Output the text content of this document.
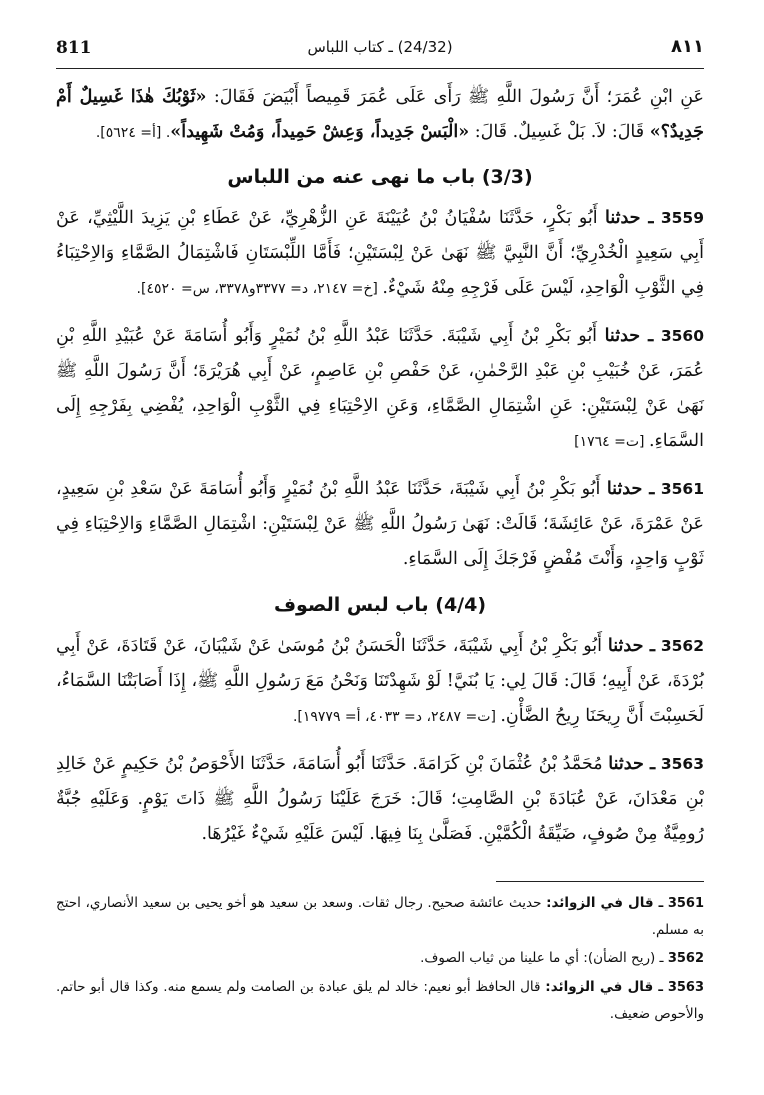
811	(24/32) ـ كتاب اللباس	٨١١

عَنِ ابْنِ عُمَرَ؛ أَنَّ رَسُولَ اللَّهِ ﷺ رَأَى عَلَى عُمَرَ قَمِيصاً أَبْيَضَ فَقَالَ: «ثَوْبُكَ هٰذَا غَسِيلٌ أَمْ جَدِيدٌ؟» قَالَ: لاَ. بَلْ غَسِيلٌ. قَالَ: «الْبَسْ جَدِيداً، وَعِشْ حَمِيداً، وَمُتْ شَهِيداً». [أ= ٥٦٢٤].

(3/3) باب ما نهى عنه من اللباس

3559 ـ حدثنا أَبُو بَكْرٍ، حَدَّثَنَا سُفْيَانُ بْنُ عُيَيْنَةَ عَنِ الزُّهْرِيِّ، عَنْ عَطَاءِ بْنِ يَزِيدَ اللَّيْثِيِّ، عَنْ أَبِي سَعِيدٍ الْخُدْرِيِّ؛ أَنَّ النَّبِيَّ ﷺ نَهَىٰ عَنْ لِبْسَتَيْنِ؛ فَأَمَّا اللِّبْسَتَانِ فَاشْتِمَالُ الصَّمَّاءِ وَالاِحْتِبَاءُ فِي الثَّوْبِ الْوَاحِدِ، لَيْسَ عَلَى فَرْجِهِ مِنْهُ شَيْءٌ. [خ= ٢١٤٧، د= ٣٣٧٧و٣٣٧٨، س= ٤٥٢٠].

3560 ـ حدثنا أَبُو بَكْرِ بْنُ أَبِي شَيْبَةَ. حَدَّثَنَا عَبْدُ اللَّهِ بْنُ نُمَيْرٍ وَأَبُو أُسَامَةَ عَنْ عُبَيْدِ اللَّهِ بْنِ عُمَرَ، عَنْ خُبَيْبِ بْنِ عَبْدِ الرَّحْمٰنِ، عَنْ حَفْصِ بْنِ عَاصِمٍ، عَنْ أَبِي هُرَيْرَةَ؛ أَنَّ رَسُولَ اللَّهِ ﷺ نَهَىٰ عَنْ لِبْسَتَيْنِ: عَنِ اشْتِمَالِ الصَّمَّاءِ، وَعَنِ الاِحْتِبَاءِ فِي الثَّوْبِ الْوَاحِدِ، يُفْضِي بِفَرْجِهِ إِلَى السَّمَاءِ. [ت= ١٧٦٤]

3561 ـ حدثنا أَبُو بَكْرِ بْنُ أَبِي شَيْبَةَ، حَدَّثَنَا عَبْدُ اللَّهِ بْنُ نُمَيْرٍ وَأَبُو أُسَامَةَ عَنْ سَعْدِ بْنِ سَعِيدٍ، عَنْ عَمْرَةَ، عَنْ عَائِشَةَ؛ قَالَتْ: نَهَىٰ رَسُولُ اللَّهِ ﷺ عَنْ لِبْسَتَيْنِ: اشْتِمَالِ الصَّمَّاءِ وَالاِحْتِبَاءِ فِي ثَوْبٍ وَاحِدٍ، وَأَنْتَ مُفْضٍ فَرْجَكَ إِلَى السَّمَاءِ.

(4/4) باب لبس الصوف

3562 ـ حدثنا أَبُو بَكْرِ بْنُ أَبِي شَيْبَةَ، حَدَّثَنَا الْحَسَنُ بْنُ مُوسَىٰ عَنْ شَيْبَانَ، عَنْ قَتَادَةَ، عَنْ أَبِي بُرْدَةَ، عَنْ أَبِيهِ؛ قَالَ: قَالَ لِي: يَا بُنَيَّ! لَوْ شَهِدْتَنَا وَنَحْنُ مَعَ رَسُولِ اللَّهِ ﷺ، إِذَا أَصَابَتْنَا السَّمَاءُ، لَحَسِبْتَ أَنَّ رِيحَنَا رِيحُ الضَّأْنِ. [ت= ٢٤٨٧، د= ٤٠٣٣، أ= ١٩٧٧٩].

3563 ـ حدثنا مُحَمَّدُ بْنُ عُثْمَانَ بْنِ كَرَامَةَ. حَدَّثَنَا أَبُو أُسَامَةَ، حَدَّثَنَا الأَحْوَصُ بْنُ حَكِيمٍ عَنْ خَالِدِ بْنِ مَعْدَانَ، عَنْ عُبَادَةَ بْنِ الصَّامِتِ؛ قَالَ: خَرَجَ عَلَيْنَا رَسُولُ اللَّهِ ﷺ ذَاتَ يَوْمٍ. وَعَلَيْهِ جُبَّةٌ رُومِيَّةٌ مِنْ صُوفٍ، ضَيِّقَةُ الْكُمَّيْنِ. فَصَلَّىٰ بِنَا فِيهَا. لَيْسَ عَلَيْهِ شَيْءٌ غَيْرُهَا.

3561 ـ قال في الزوائد: حديث عائشة صحيح. رجال ثقات. وسعد بن سعيد هو أخو يحيى بن سعيد الأنصاري، احتج به مسلم.

3562 ـ (ريح الضأن): أي ما علينا من ثياب الصوف.

3563 ـ قال في الزوائد: قال الحافظ أبو نعيم: خالد لم يلق عبادة بن الصامت ولم يسمع منه. وكذا قال أبو حاتم. والأحوص ضعيف.
